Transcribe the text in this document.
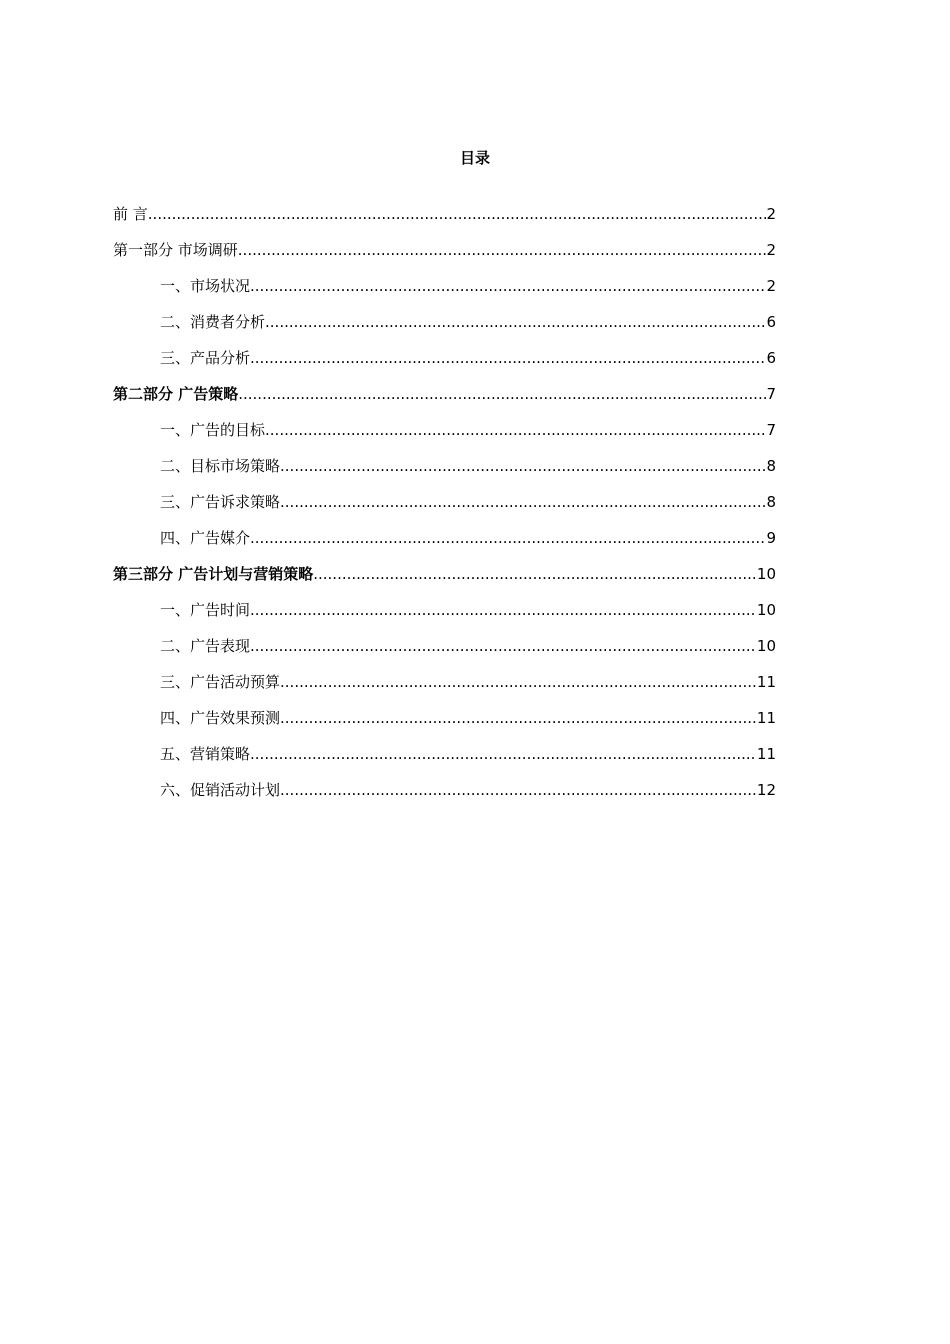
目录
前 言 .....	2
第一部分 市场调研 .....	2
一、市场状况 .....	2
二、消费者分析 .....	6
三、产品分析 .....	6
第二部分 广告策略 .....	7
一、广告的目标 .....	7
二、目标市场策略 .....	8
三、广告诉求策略 .....	8
四、广告媒介 .....	9
第三部分 广告计划与营销策略 .....	10
一、广告时间 .....	10
二、广告表现 .....	10
三、广告活动预算 .....	11
四、广告效果预测 .....	11
五、营销策略 .....	11
六、促销活动计划 .....	12
